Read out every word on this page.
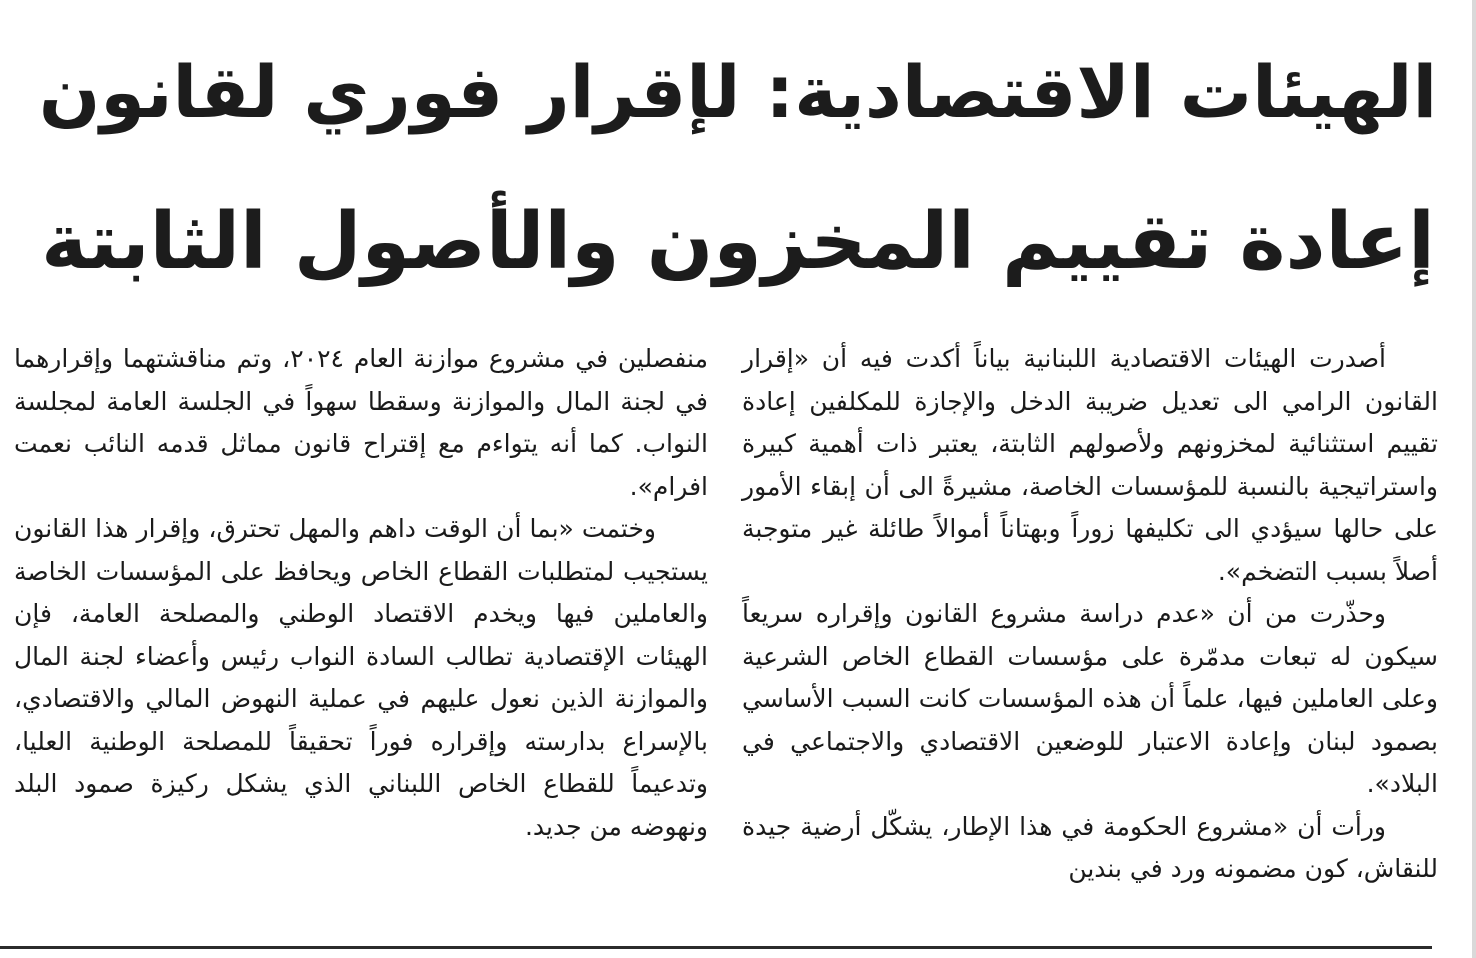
الهيئات الاقتصادية: لإقرار فوري لقانون
إعادة تقييم المخزون والأصول الثابتة

أصدرت الهيئات الاقتصادية اللبنانية بياناً أكدت فيه أن «إقرار القانون الرامي الى تعديل ضريبة الدخل والإجازة للمكلفين إعادة تقييم استثنائية لمخزونهم ولأصولهم الثابتة، يعتبر ذات أهمية كبيرة واستراتيجية بالنسبة للمؤسسات الخاصة، مشيرةً الى أن إبقاء الأمور على حالها سيؤدي الى تكليفها زوراً وبهتاناً أموالاً طائلة غير متوجبة أصلاً بسبب التضخم».

وحذّرت من أن «عدم دراسة مشروع القانون وإقراره سريعاً سيكون له تبعات مدمّرة على مؤسسات القطاع الخاص الشرعية وعلى العاملين فيها، علماً أن هذه المؤسسات كانت السبب الأساسي بصمود لبنان وإعادة الاعتبار للوضعين الاقتصادي والاجتماعي في البلاد».

ورأت أن «مشروع الحكومة في هذا الإطار، يشكّل أرضية جيدة للنقاش، كون مضمونه ورد في بندين

منفصلين في مشروع موازنة العام ٢٠٢٤، وتم مناقشتهما وإقرارهما في لجنة المال والموازنة وسقطا سهواً في الجلسة العامة لمجلسة النواب. كما أنه يتواءم مع إقتراح قانون مماثل قدمه النائب نعمت افرام».

وختمت «بما أن الوقت داهم والمهل تحترق، وإقرار هذا القانون يستجيب لمتطلبات القطاع الخاص ويحافظ على المؤسسات الخاصة والعاملين فيها ويخدم الاقتصاد الوطني والمصلحة العامة، فإن الهيئات الإقتصادية تطالب السادة النواب رئيس وأعضاء لجنة المال والموازنة الذين نعول عليهم في عملية النهوض المالي والاقتصادي، بالإسراع بدارسته وإقراره فوراً تحقيقاً للمصلحة الوطنية العليا، وتدعيماً للقطاع الخاص اللبناني الذي يشكل ركيزة صمود البلد ونهوضه من جديد.
